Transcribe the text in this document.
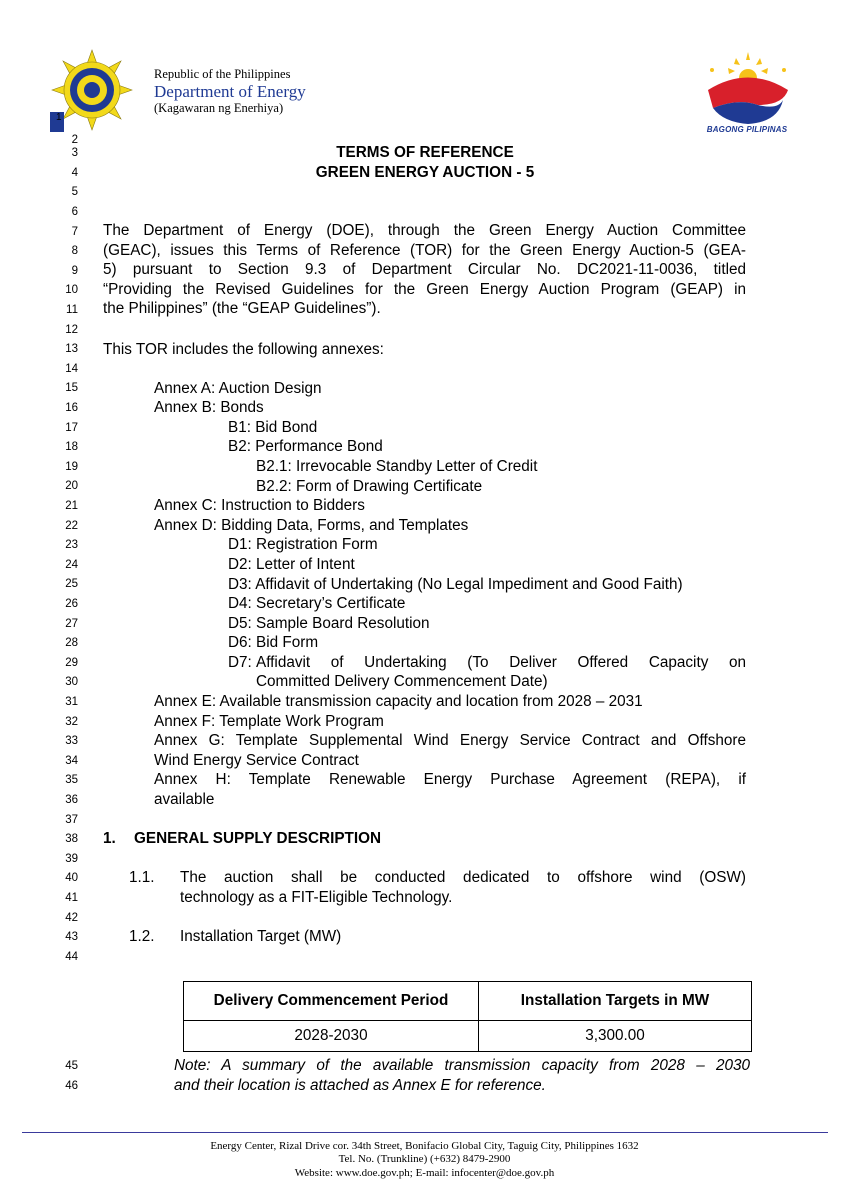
1
Republic of the Philippines
Department of Energy
(Kagawaran ng Enerhiya)
BAGONG PILIPINAS
2
3
4
5
6
7
8
9
10
11
12
13
14
15
16
17
18
19
20
21
22
23
24
25
26
27
28
29
30
31
32
33
34
35
36
37
38
39
40
41
42
43
44
45
46
TERMS OF REFERENCE
GREEN ENERGY AUCTION - 5
The Department of Energy (DOE), through the Green Energy Auction Committee
(GEAC), issues this Terms of Reference (TOR) for the Green Energy Auction-5 (GEA-
5) pursuant to Section 9.3 of Department Circular No. DC2021-11-0036, titled
“Providing the Revised Guidelines for the Green Energy Auction Program (GEAP) in
the Philippines” (the “GEAP Guidelines”).
This TOR includes the following annexes:
Annex A: Auction Design
Annex B: Bonds
B1: Bid Bond
B2: Performance Bond
B2.1: Irrevocable Standby Letter of Credit
B2.2: Form of Drawing Certificate
Annex C: Instruction to Bidders
Annex D: Bidding Data, Forms, and Templates
D1: Registration Form
D2: Letter of Intent
D3: Affidavit of Undertaking (No Legal Impediment and Good Faith)
D4: Secretary’s Certificate
D5: Sample Board Resolution
D6: Bid Form
D7: Affidavit of Undertaking (To Deliver Offered Capacity on
Committed Delivery Commencement Date)
Annex E: Available transmission capacity and location from 2028 – 2031
Annex F: Template Work Program
Annex G: Template Supplemental Wind Energy Service Contract and Offshore
Wind Energy Service Contract
Annex H: Template Renewable Energy Purchase Agreement (REPA), if
available
1. GENERAL SUPPLY DESCRIPTION
1.1. The auction shall be conducted dedicated to offshore wind (OSW)
technology as a FIT-Eligible Technology.
1.2. Installation Target (MW)
Delivery Commencement Period	Installation Targets in MW
2028-2030	3,300.00
Note: A summary of the available transmission capacity from 2028 – 2030
and their location is attached as Annex E for reference.
Energy Center, Rizal Drive cor. 34th Street, Bonifacio Global City, Taguig City, Philippines 1632
Tel. No. (Trunkline) (+632) 8479-2900
Website: www.doe.gov.ph; E-mail: infocenter@doe.gov.ph
